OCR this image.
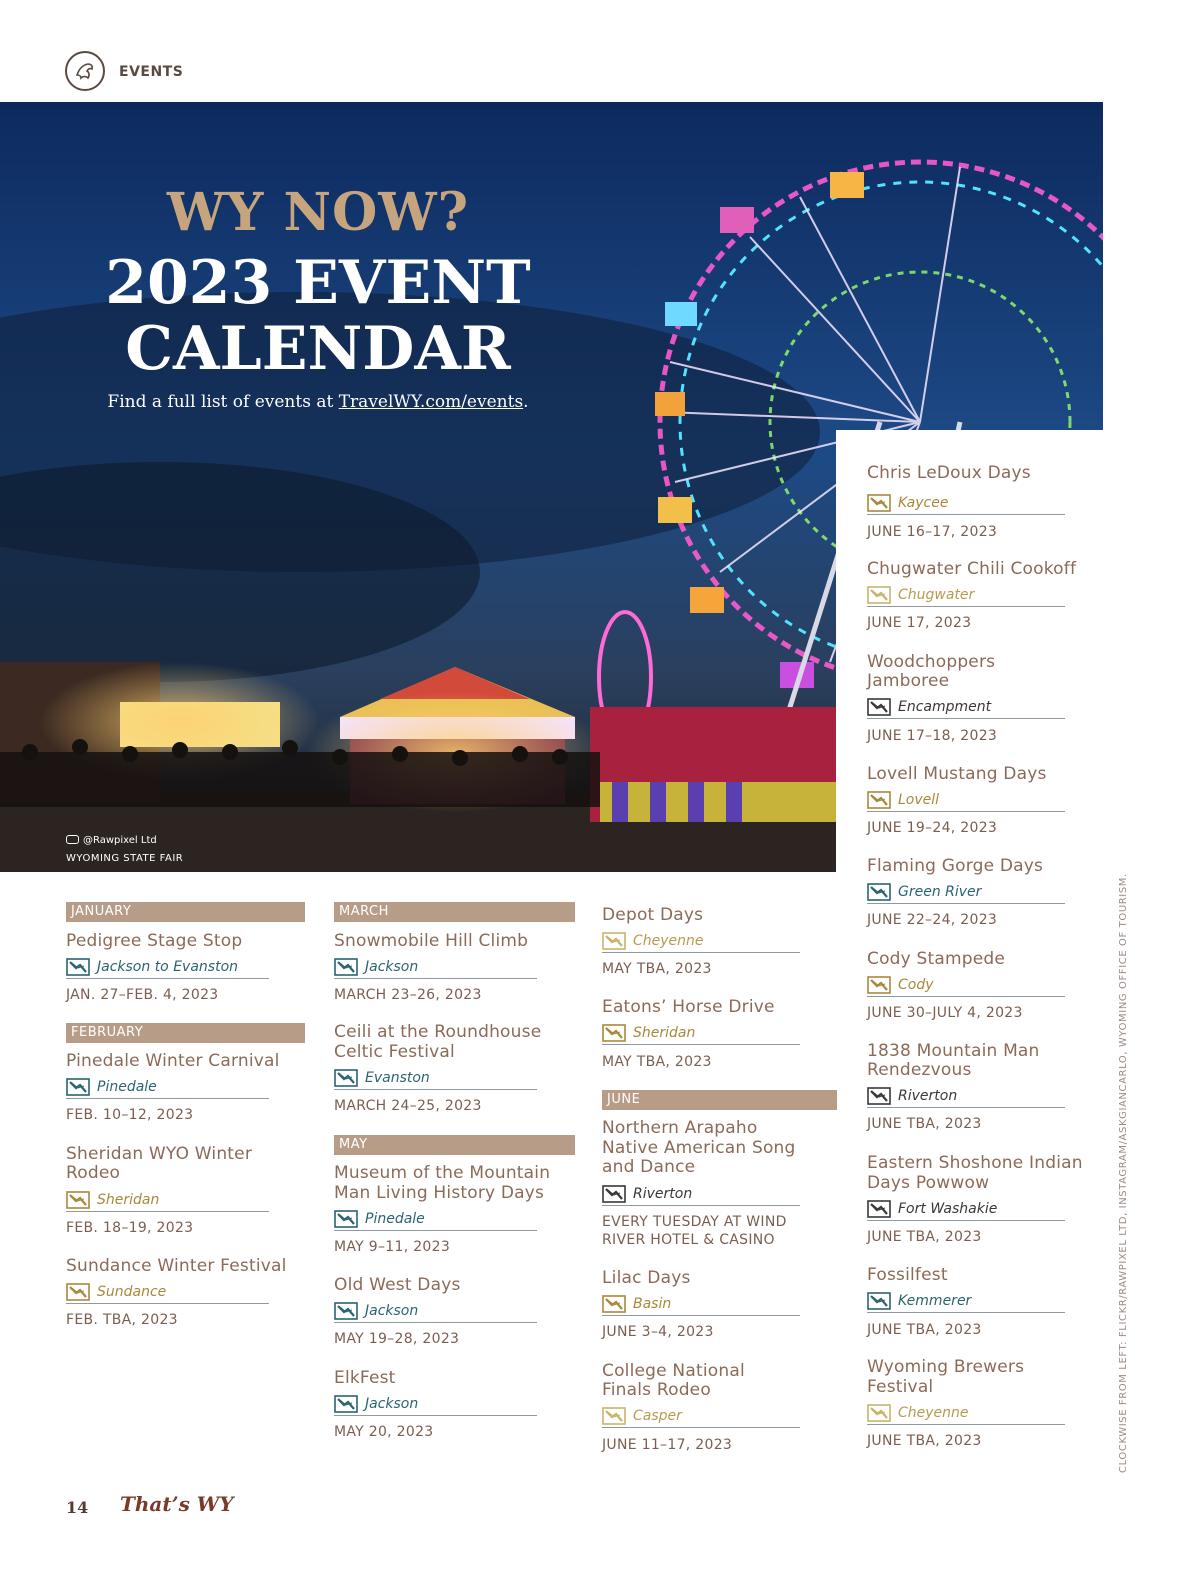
EVENTS
WY NOW?
2023 EVENT
CALENDAR
Find a full list of events at TravelWY.com/events.
@Rawpixel Ltd
WYOMING STATE FAIR
JANUARY
Pedigree Stage Stop
Jackson to Evanston
JAN. 27–FEB. 4, 2023
FEBRUARY
Pinedale Winter Carnival
Pinedale
FEB. 10–12, 2023
Sheridan WYO Winter
Rodeo
Sheridan
FEB. 18–19, 2023
Sundance Winter Festival
Sundance
FEB. TBA, 2023
MARCH
Snowmobile Hill Climb
Jackson
MARCH 23–26, 2023
Ceili at the Roundhouse
Celtic Festival
Evanston
MARCH 24–25, 2023
MAY
Museum of the Mountain
Man Living History Days
Pinedale
MAY 9–11, 2023
Old West Days
Jackson
MAY 19–28, 2023
ElkFest
Jackson
MAY 20, 2023
Depot Days
Cheyenne
MAY TBA, 2023
Eatons’ Horse Drive
Sheridan
MAY TBA, 2023
JUNE
Northern Arapaho
Native American Song
and Dance
Riverton
EVERY TUESDAY AT WIND
RIVER HOTEL & CASINO
Lilac Days
Basin
JUNE 3–4, 2023
College National
Finals Rodeo
Casper
JUNE 11–17, 2023
Chris LeDoux Days
Kaycee
JUNE 16–17, 2023
Chugwater Chili Cookoff
Chugwater
JUNE 17, 2023
Woodchoppers
Jamboree
Encampment
JUNE 17–18, 2023
Lovell Mustang Days
Lovell
JUNE 19–24, 2023
Flaming Gorge Days
Green River
JUNE 22–24, 2023
Cody Stampede
Cody
JUNE 30–JULY 4, 2023
1838 Mountain Man
Rendezvous
Riverton
JUNE TBA, 2023
Eastern Shoshone Indian
Days Powwow
Fort Washakie
JUNE TBA, 2023
Fossilfest
Kemmerer
JUNE TBA, 2023
Wyoming Brewers
Festival
Cheyenne
JUNE TBA, 2023	CLOCKWISE FROM LEFT: FLICKR/RAWPIXEL LTD, INSTAGRAM/ASKGIANCARLO, WYOMING OFFICE OF TOURISM.
14 That’s WY
